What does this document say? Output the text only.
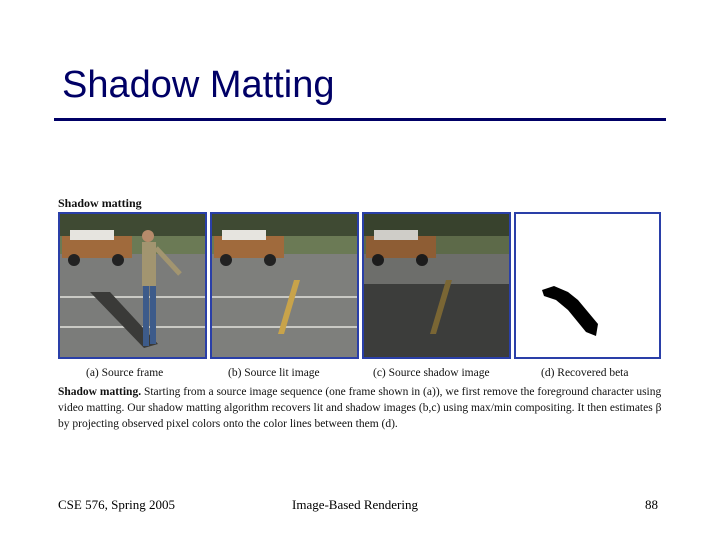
Shadow Matting
Shadow matting
(a) Source frame	(b) Source lit image	(c) Source shadow image	(d) Recovered beta
Shadow matting. Starting from a source image sequence (one frame shown in (a)), we first remove the foreground character using video matting. Our shadow matting algorithm recovers lit and shadow images (b,c) using max/min compositing. It then estimates β by projecting observed pixel colors onto the color lines between them (d).
CSE 576, Spring 2005	Image-Based Rendering	88
